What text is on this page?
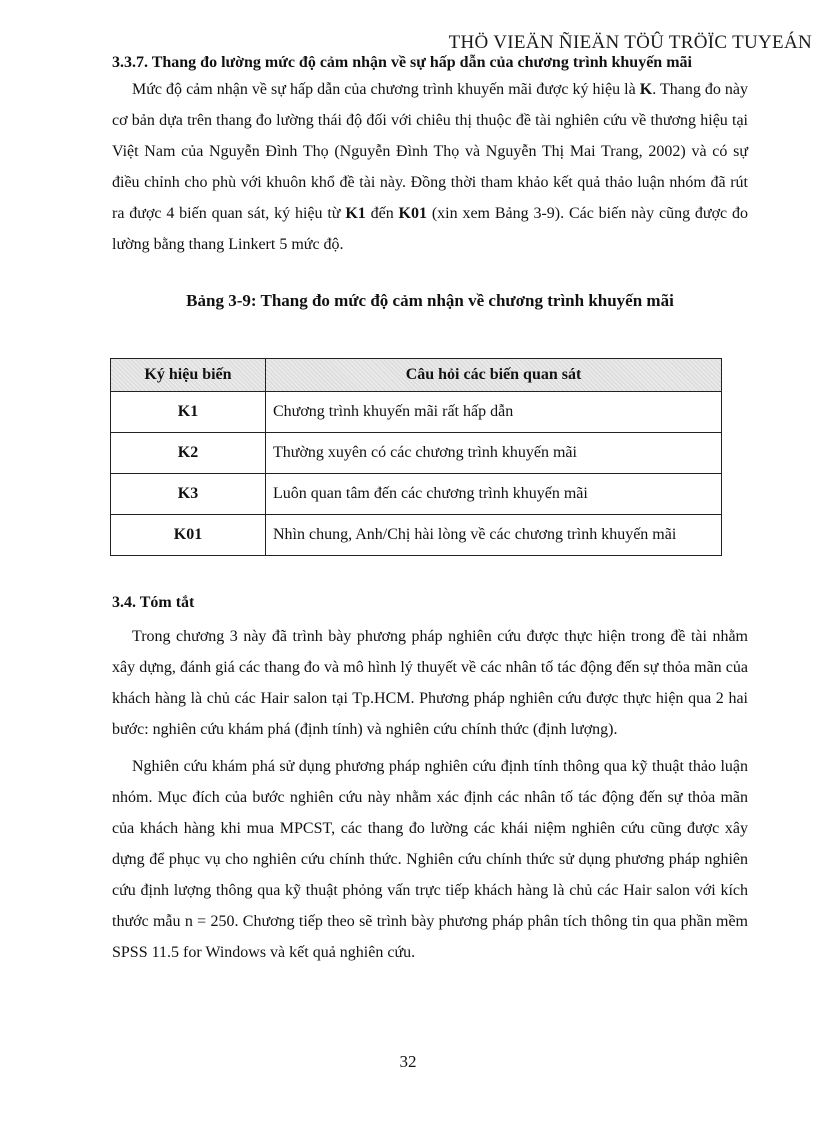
THÖ VIEÄN ÑIEÄN TÖÛ TRÖÏC TUYEÁN
3.3.7. Thang đo lường mức độ cảm nhận về sự hấp dẫn của chương trình khuyến mãi

Mức độ cảm nhận về sự hấp dẫn của chương trình khuyến mãi được ký hiệu là K. Thang đo này cơ bản dựa trên thang đo lường thái độ đối với chiêu thị thuộc đề tài nghiên cứu về thương hiệu tại Việt Nam của Nguyễn Đình Thọ (Nguyễn Đình Thọ và Nguyễn Thị Mai Trang, 2002) và có sự điều chỉnh cho phù với khuôn khổ đề tài này. Đồng thời tham khảo kết quả thảo luận nhóm đã rút ra được 4 biến quan sát, ký hiệu từ K1 đến K01 (xin xem Bảng 3-9). Các biến này cũng được đo lường bằng thang Linkert 5 mức độ.

Bảng 3-9: Thang đo mức độ cảm nhận về chương trình khuyến mãi
Ký hiệu biến	Câu hỏi các biến quan sát
K1	Chương trình khuyến mãi rất hấp dẫn
K2	Thường xuyên có các chương trình khuyến mãi
K3	Luôn quan tâm đến các chương trình khuyến mãi
K01	Nhìn chung, Anh/Chị hài lòng về các chương trình khuyến mãi
3.4. Tóm tắt

Trong chương 3 này đã trình bày phương pháp nghiên cứu được thực hiện trong đề tài nhằm xây dựng, đánh giá các thang đo và mô hình lý thuyết về các nhân tố tác động đến sự thỏa mãn của khách hàng là chủ các Hair salon tại Tp.HCM. Phương pháp nghiên cứu được thực hiện qua 2 hai bước: nghiên cứu khám phá (định tính) và nghiên cứu chính thức (định lượng).

Nghiên cứu khám phá sử dụng phương pháp nghiên cứu định tính thông qua kỹ thuật thảo luận nhóm. Mục đích của bước nghiên cứu này nhằm xác định các nhân tố tác động đến sự thỏa mãn của khách hàng khi mua MPCST, các thang đo lường các khái niệm nghiên cứu cũng được xây dựng để phục vụ cho nghiên cứu chính thức. Nghiên cứu chính thức sử dụng phương pháp nghiên cứu định lượng thông qua kỹ thuật phỏng vấn trực tiếp khách hàng là chủ các Hair salon với kích thước mẫu n = 250. Chương tiếp theo sẽ trình bày phương pháp phân tích thông tin qua phần mềm SPSS 11.5 for Windows và kết quả nghiên cứu.

32
